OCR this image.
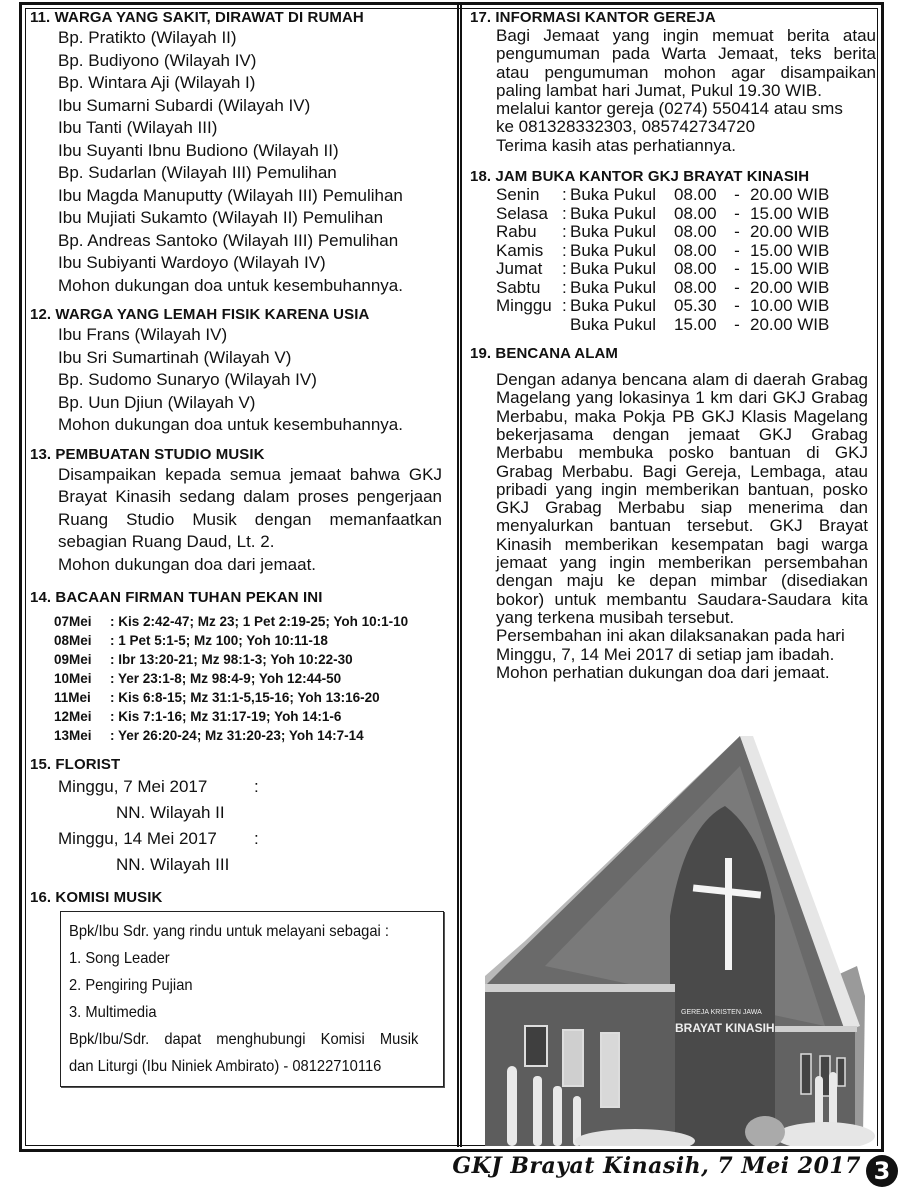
11. WARGA YANG SAKIT, DIRAWAT DI RUMAH
Bp. Pratikto (Wilayah II)
Bp. Budiyono (Wilayah IV)
Bp. Wintara Aji (Wilayah I)
Ibu Sumarni Subardi (Wilayah IV)
Ibu Tanti (Wilayah III)
Ibu Suyanti Ibnu Budiono (Wilayah II)
Bp. Sudarlan (Wilayah III) Pemulihan
Ibu Magda Manuputty (Wilayah III) Pemulihan
Ibu Mujiati Sukamto (Wilayah II) Pemulihan
Bp. Andreas Santoko (Wilayah III) Pemulihan
Ibu Subiyanti Wardoyo (Wilayah IV)
Mohon dukungan doa untuk kesembuhannya.
12. WARGA YANG LEMAH FISIK KARENA USIA
Ibu Frans (Wilayah IV)
Ibu Sri Sumartinah (Wilayah V)
Bp. Sudomo Sunaryo (Wilayah IV)
Bp. Uun Djiun (Wilayah V)
Mohon dukungan doa untuk kesembuhannya.
13. PEMBUATAN STUDIO MUSIK
Disampaikan kepada semua jemaat bahwa GKJ Brayat Kinasih sedang dalam proses pengerjaan Ruang Studio Musik dengan memanfaatkan sebagian Ruang Daud, Lt. 2.
Mohon dukungan doa dari jemaat.
14. BACAAN FIRMAN TUHAN PEKAN INI
07Mei : Kis 2:42-47; Mz 23; 1 Pet 2:19-25; Yoh 10:1-10
08Mei : 1 Pet 5:1-5; Mz 100; Yoh 10:11-18
09Mei : Ibr 13:20-21; Mz 98:1-3; Yoh 10:22-30
10Mei : Yer 23:1-8; Mz 98:4-9; Yoh 12:44-50
11Mei : Kis 6:8-15; Mz 31:1-5,15-16; Yoh 13:16-20
12Mei : Kis 7:1-16; Mz 31:17-19; Yoh 14:1-6
13Mei : Yer 26:20-24; Mz 31:20-23; Yoh 14:7-14
15. FLORIST
Minggu, 7 Mei 2017	:
NN. Wilayah II
Minggu, 14 Mei 2017 :
NN. Wilayah III
16. KOMISI MUSIK
Bpk/Ibu Sdr. yang rindu untuk melayani sebagai :
1. Song Leader
2. Pengiring Pujian
3. Multimedia
Bpk/Ibu/Sdr. dapat menghubungi Komisi Musik
dan Liturgi (Ibu Niniek Ambirato) - 08122710116
17. INFORMASI KANTOR GEREJA
Bagi Jemaat yang ingin memuat berita atau pengumuman pada Warta Jemaat, teks berita atau pengumuman mohon agar disampaikan paling lambat hari Jumat, Pukul 19.30 WIB.
melalui kantor gereja (0274) 550414 atau sms
ke 081328332303, 085742734720
Terima kasih atas perhatiannya.
18. JAM BUKA KANTOR GKJ BRAYAT KINASIH
Senin : Buka Pukul 08.00 - 20.00 WIB
Selasa : Buka Pukul 08.00 - 15.00 WIB
Rabu : Buka Pukul 08.00 - 20.00 WIB
Kamis : Buka Pukul 08.00 - 15.00 WIB
Jumat : Buka Pukul 08.00 - 15.00 WIB
Sabtu : Buka Pukul 08.00 - 20.00 WIB
Minggu : Buka Pukul 05.30 - 10.00 WIB
Buka Pukul 15.00 - 20.00 WIB
19. BENCANA ALAM
Dengan adanya bencana alam di daerah Grabag Magelang yang lokasinya 1 km dari GKJ Grabag Merbabu, maka Pokja PB GKJ Klasis Magelang bekerjasama dengan jemaat GKJ Grabag Merbabu membuka posko bantuan di GKJ Grabag Merbabu. Bagi Gereja, Lembaga, atau pribadi yang ingin memberikan bantuan, posko GKJ Grabag Merbabu siap menerima dan menyalurkan bantuan tersebut. GKJ Brayat Kinasih memberikan kesempatan bagi warga jemaat yang ingin memberikan persembahan dengan maju ke depan mimbar (disediakan bokor) untuk membantu Saudara-Saudara kita yang terkena musibah tersebut.
Persembahan ini akan dilaksanakan pada hari Minggu, 7, 14 Mei 2017 di setiap jam ibadah.
Mohon perhatian dukungan doa dari jemaat.
GEREJA KRISTEN JAWA
BRAYAT KINASIH
GKJ Brayat Kinasih, 7 Mei 2017 3
